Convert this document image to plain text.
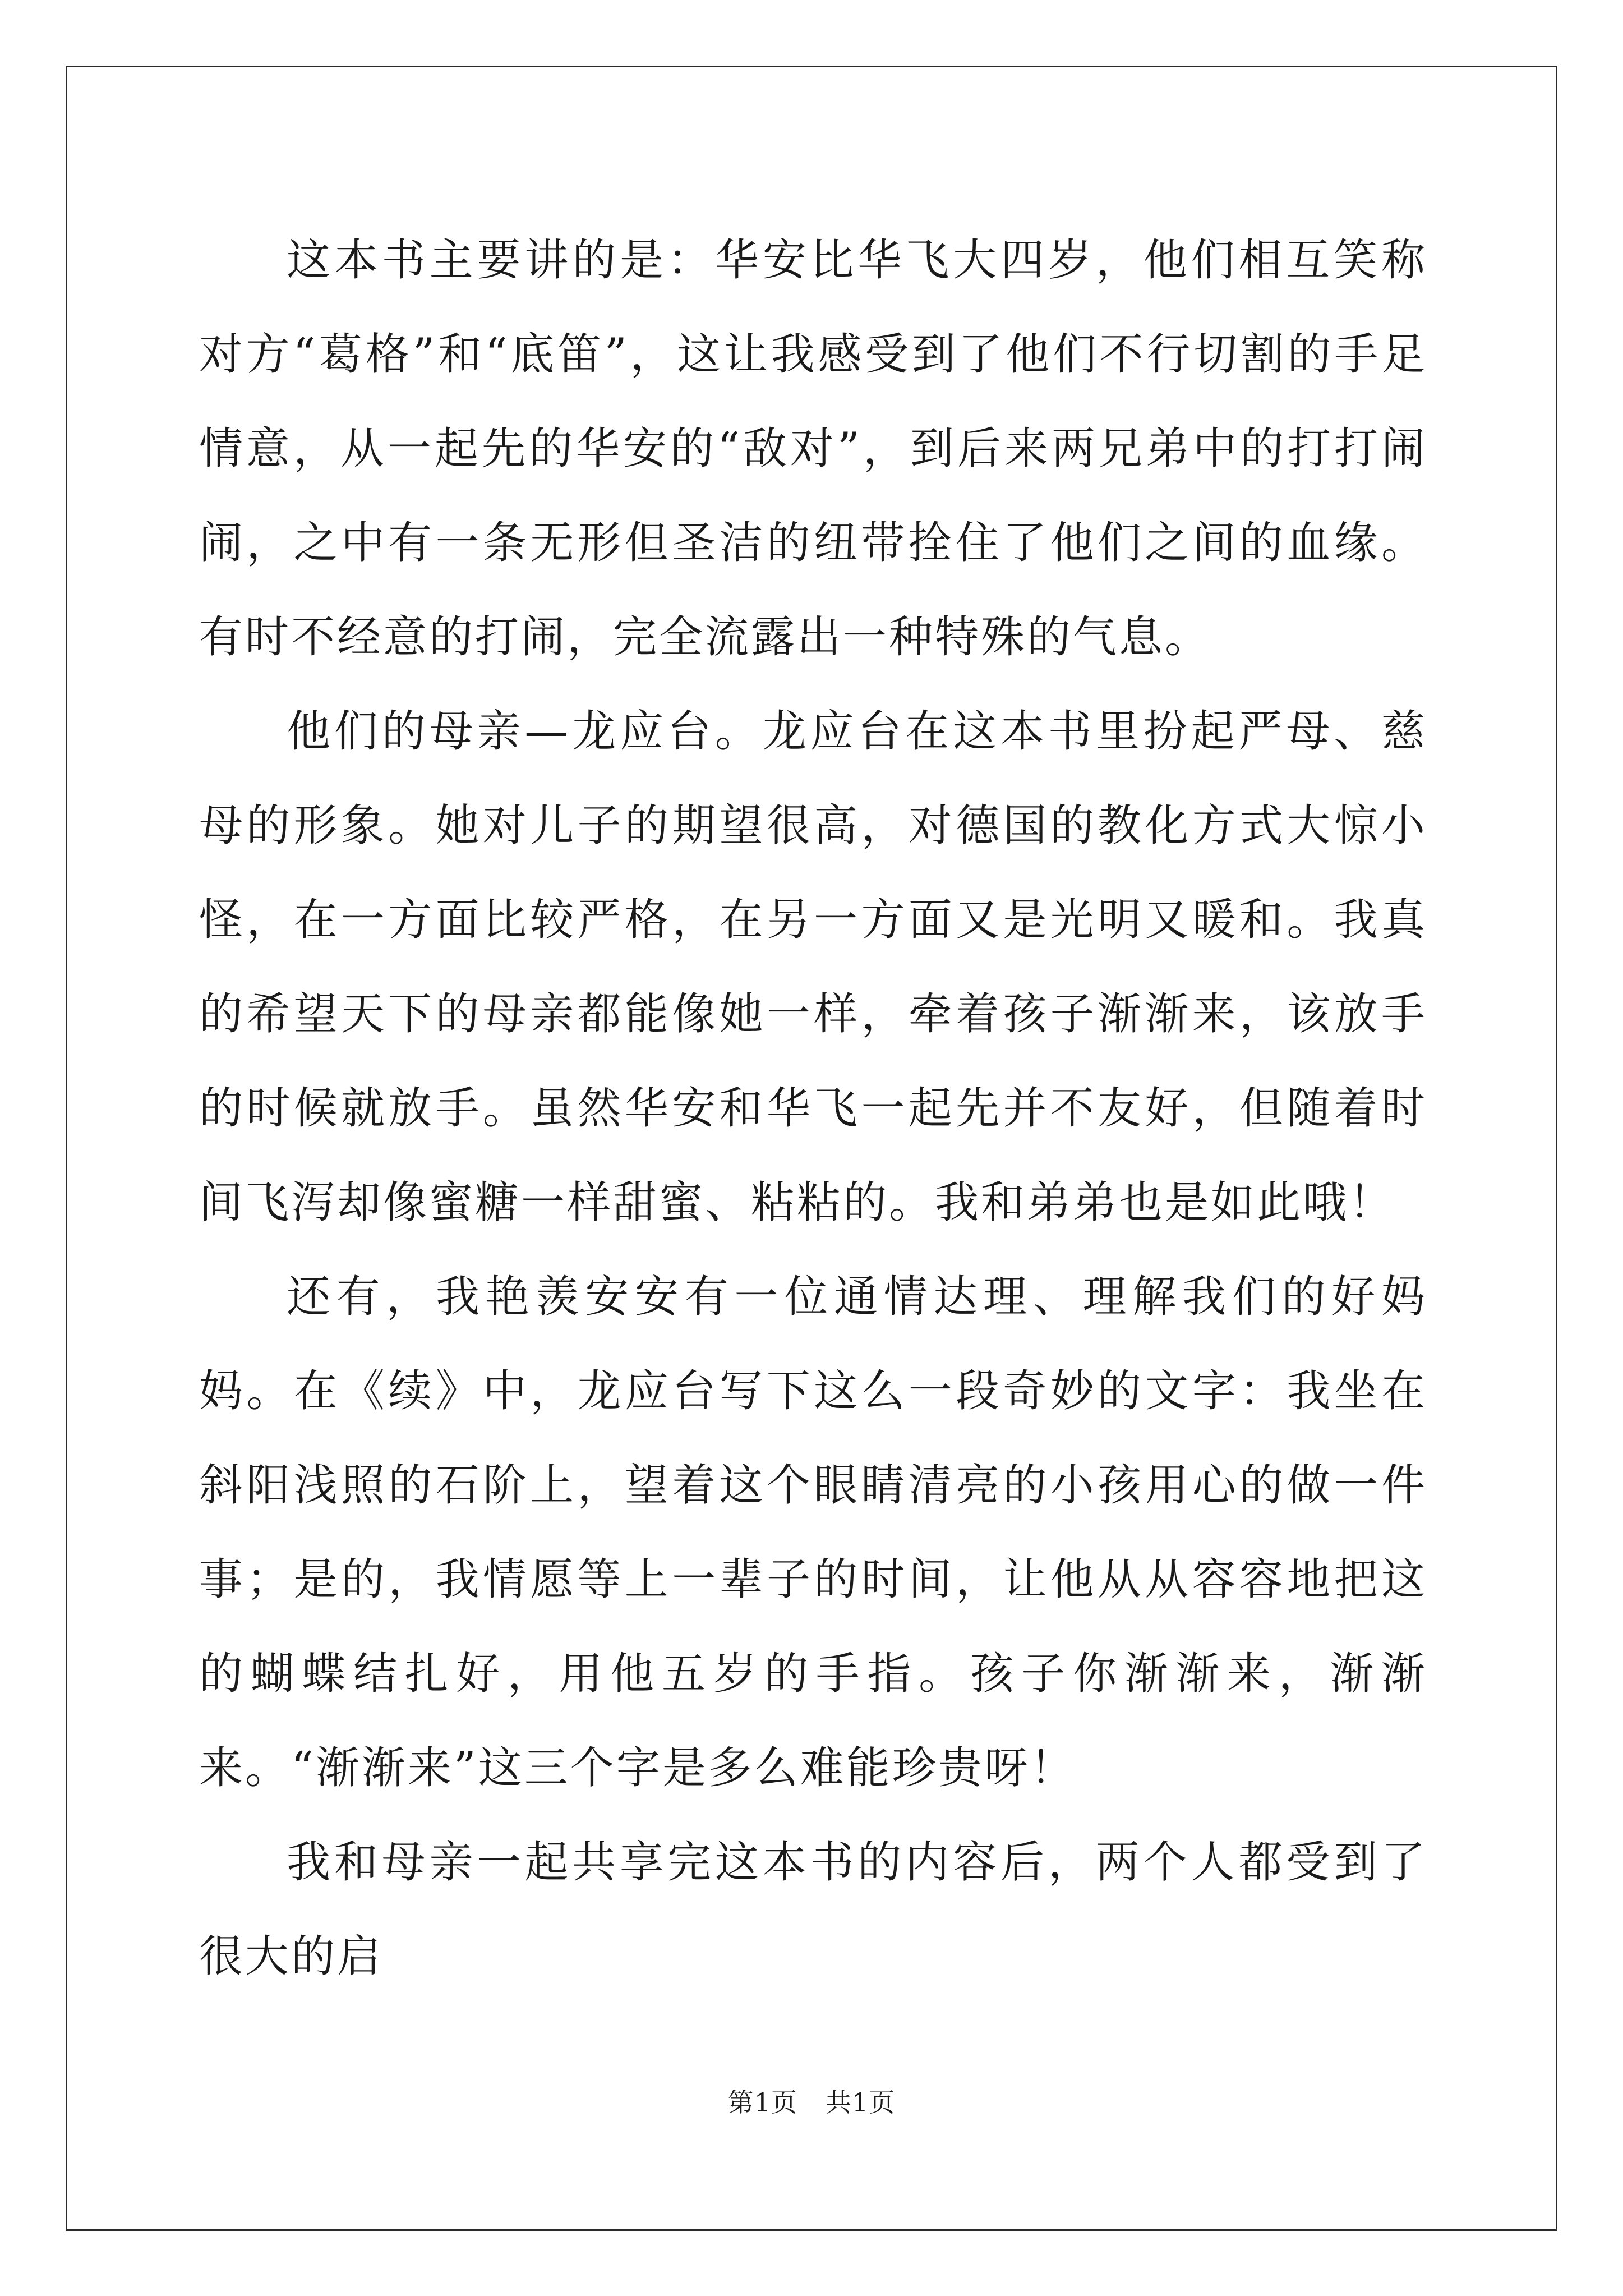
这本书主要讲的是：华安比华飞大四岁，他们相互笑称对方“葛格”和“底笛”，这让我感受到了他们不行切割的手足情意，从一起先的华安的“敌对”，到后来两兄弟中的打打闹闹，之中有一条无形但圣洁的纽带拴住了他们之间的血缘。有时不经意的打闹，完全流露出一种特殊的气息。

他们的母亲—龙应台。龙应台在这本书里扮起严母、慈母的形象。她对儿子的期望很高，对德国的教化方式大惊小怪，在一方面比较严格，在另一方面又是光明又暖和。我真的希望天下的母亲都能像她一样，牵着孩子渐渐来，该放手的时候就放手。虽然华安和华飞一起先并不友好，但随着时间飞泻却像蜜糖一样甜蜜、粘粘的。我和弟弟也是如此哦！

还有，我艳羡安安有一位通情达理、理解我们的好妈妈。在《续》中，龙应台写下这么一段奇妙的文字：我坐在斜阳浅照的石阶上，望着这个眼睛清亮的小孩用心的做一件事；是的，我情愿等上一辈子的时间，让他从从容容地把这的蝴蝶结扎好，用他五岁的手指。孩子你渐渐来，渐渐来。“渐渐来”这三个字是多么难能珍贵呀！

我和母亲一起共享完这本书的内容后，两个人都受到了很大的启

第1页 共1页
